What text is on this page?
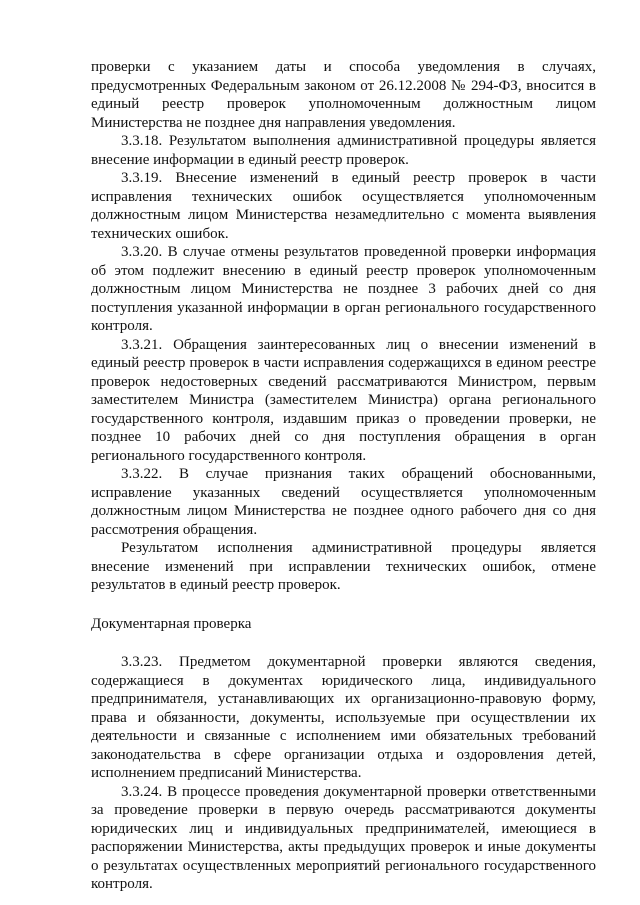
проверки с указанием даты и способа уведомления в случаях, предусмотренных Федеральным законом от 26.12.2008 № 294-ФЗ, вносится в единый реестр проверок уполномоченным должностным лицом Министерства не позднее дня направления уведомления.

3.3.18. Результатом выполнения административной процедуры является внесение информации в единый реестр проверок.

3.3.19. Внесение изменений в единый реестр проверок в части исправления технических ошибок осуществляется уполномоченным должностным лицом Министерства незамедлительно с момента выявления технических ошибок.

3.3.20. В случае отмены результатов проведенной проверки информация об этом подлежит внесению в единый реестр проверок уполномоченным должностным лицом Министерства не позднее 3 рабочих дней со дня поступления указанной информации в орган регионального государственного контроля.

3.3.21. Обращения заинтересованных лиц о внесении изменений в единый реестр проверок в части исправления содержащихся в едином реестре проверок недостоверных сведений рассматриваются Министром, первым заместителем Министра (заместителем Министра) органа регионального государственного контроля, издавшим приказ о проведении проверки, не позднее 10 рабочих дней со дня поступления обращения в орган регионального государственного контроля.

3.3.22. В случае признания таких обращений обоснованными, исправление указанных сведений осуществляется уполномоченным должностным лицом Министерства не позднее одного рабочего дня со дня рассмотрения обращения.

Результатом исполнения административной процедуры является внесение изменений при исправлении технических ошибок, отмене результатов в единый реестр проверок.

Документарная проверка

3.3.23. Предметом документарной проверки являются сведения, содержащиеся в документах юридического лица, индивидуального предпринимателя, устанавливающих их организационно-правовую форму, права и обязанности, документы, используемые при осуществлении их деятельности и связанные с исполнением ими обязательных требований законодательства в сфере организации отдыха и оздоровления детей, исполнением предписаний Министерства.

3.3.24. В процессе проведения документарной проверки ответственными за проведение проверки в первую очередь рассматриваются документы юридических лиц и индивидуальных предпринимателей, имеющиеся в распоряжении Министерства, акты предыдущих проверок и иные документы о результатах осуществленных мероприятий регионального государственного контроля.
